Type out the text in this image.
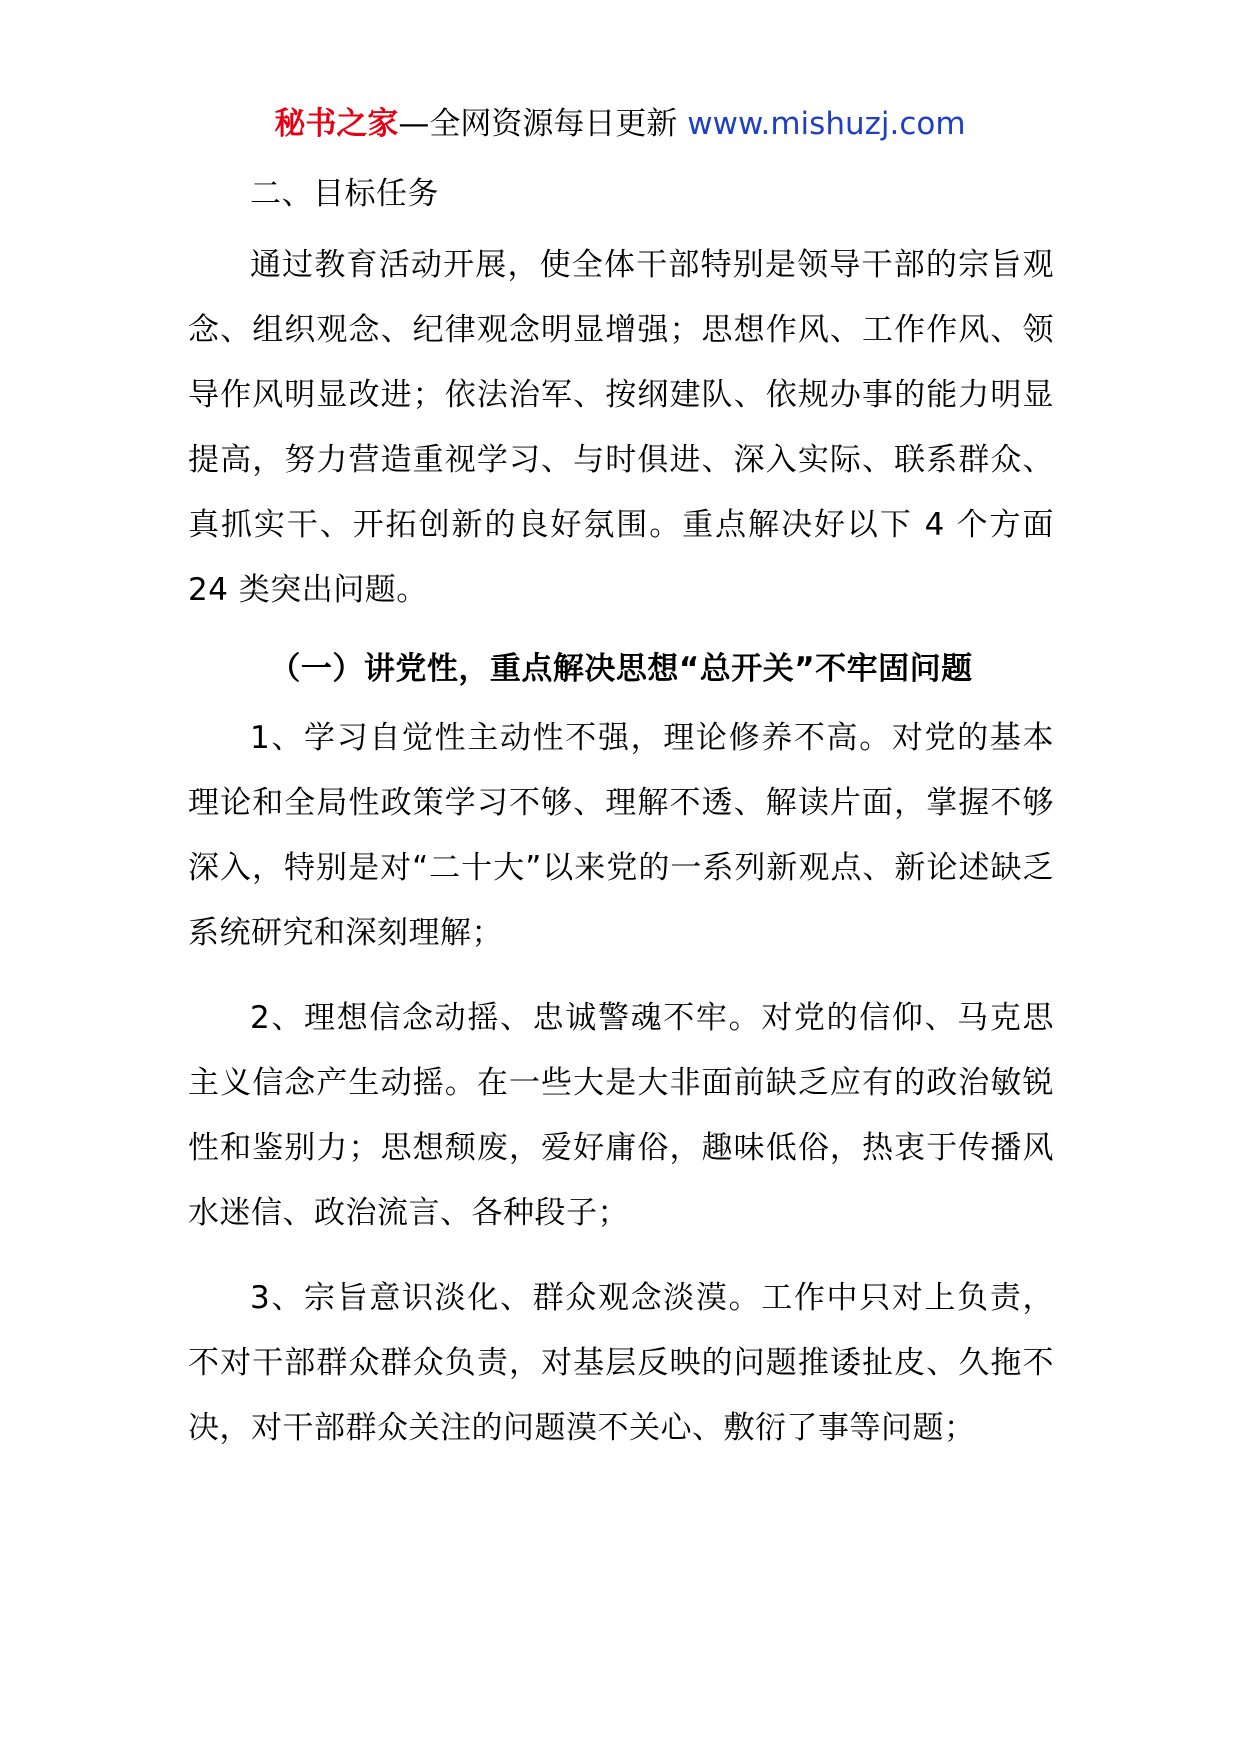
秘书之家—全网资源每日更新 www.mishuzj.com

二、目标任务

通过教育活动开展，使全体干部特别是领导干部的宗旨观念、组织观念、纪律观念明显增强；思想作风、工作作风、领导作风明显改进；依法治军、按纲建队、依规办事的能力明显提高，努力营造重视学习、与时俱进、深入实际、联系群众、真抓实干、开拓创新的良好氛围。重点解决好以下 4 个方面 24 类突出问题。

（一）讲党性，重点解决思想“总开关”不牢固问题

1、学习自觉性主动性不强，理论修养不高。对党的基本理论和全局性政策学习不够、理解不透、解读片面，掌握不够深入，特别是对“二十大”以来党的一系列新观点、新论述缺乏系统研究和深刻理解；

2、理想信念动摇、忠诚警魂不牢。对党的信仰、马克思主义信念产生动摇。在一些大是大非面前缺乏应有的政治敏锐性和鉴别力；思想颓废，爱好庸俗，趣味低俗，热衷于传播风水迷信、政治流言、各种段子；

3、宗旨意识淡化、群众观念淡漠。工作中只对上负责，不对干部群众群众负责，对基层反映的问题推诿扯皮、久拖不决，对干部群众关注的问题漠不关心、敷衍了事等问题；
